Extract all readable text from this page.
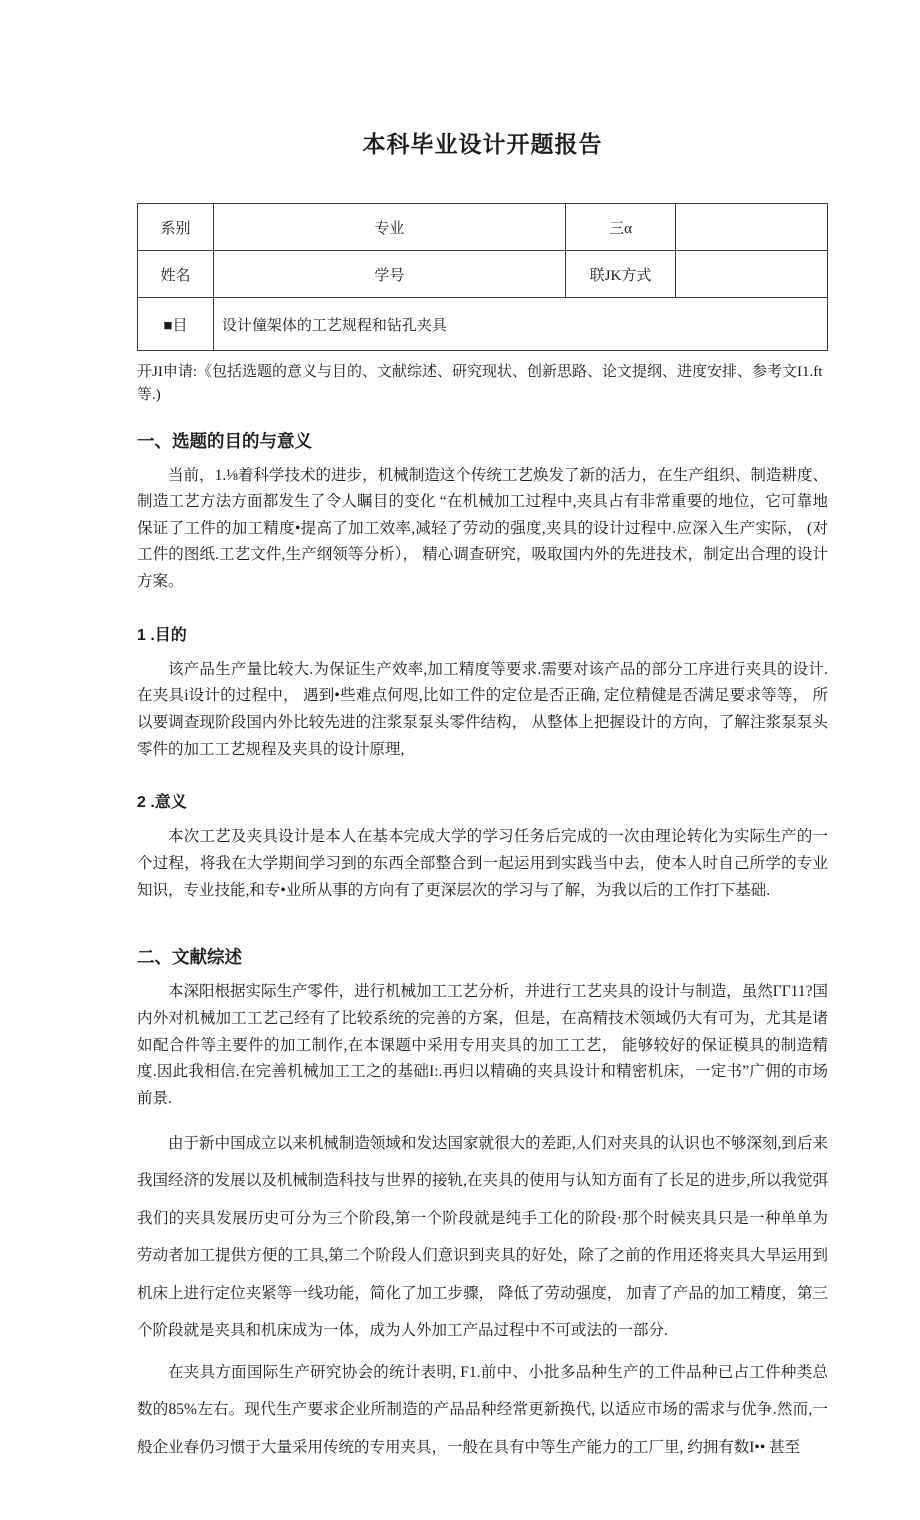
本科毕业设计开题报告
系别	专业	三α	
姓名	学号	联JK方式	
■目	设计僮架体的工艺规程和钻孔夹具		
开JI申请:《包括选题的意义与目的、文献综述、研究现状、创新思路、论文提纲、进度安排、参考文I1.ft等.)
一、选题的目的与意义

当前，1.⅛着科学技术的进步，机械制造这个传统工艺焕发了新的活力，在生产组织、制造耕度、制造工艺方法方面都发生了令人瞩目的变化 “在机械加工过程中,夹具占有非常重要的地位，它可靠地保证了工件的加工精度•提高了加工效率,减轻了劳动的强度,夹具的设计过程中.应深入生产实际， (对工件的图纸.工艺文件,生产纲领等分析）， 精心调查研究，吸取国内外的先进技术，制定出合理的设计方案。

1 .目的

该产品生产量比较大.为保证生产效率,加工精度等要求.需要对该产品的部分工序进行夹具的设计.在夹具i设计的过程中， 遇到•些难点何咫,比如工件的定位是否正确, 定位精健是否满足要求等等， 所以要调查现阶段国内外比较先进的注浆泵泵头零件结构， 从整体上把握设计的方向，了解注浆泵泵头零件的加工工艺规程及夹具的设计原理,

2 .意义

本次工艺及夹具设计是本人在基本完成大学的学习任务后完成的一次由理论转化为实际生产的一个过程，将我在大学期间学习到的东西全部整合到一起运用到实践当中去，使本人时自己所学的专业知识，专业技能,和专•业所从事的方向有了更深层次的学习与了解，为我以后的工作打下基础.

二、文献综述

本深阳根据实际生产零件，进行机械加工工艺分析，并进行工艺夹具的设计与制造，虽然ΓΓ11?国内外对机械加工工艺己经有了比较系统的完善的方案，但是，在高精技术领域仍大有可为，尤其是诸如配合件等主要件的加工制作,在本课题中采用专用夹具的加工工艺， 能够较好的保证模具的制造精度.因此我相信.在完善机械加工工之的基础I:.再归以精确的夹具设计和精密机床，一定书”广佣的市场前景.

由于新中国成立以来机械制造领域和发达国家就很大的差距,人们对夹具的认识也不够深刻,到后来我国经济的发展以及机械制造科技与世界的接轨,在夹具的使用与认知方面有了长足的进步,所以我觉弭我们的夹具发展历史可分为三个阶段,第一个阶段就是纯手工化的阶段·那个时候夹具只是一种单单为劳动者加工提供方便的工具,第二个阶段人们意识到夹具的好处，除了之前的作用还将夹具大旱运用到机床上进行定位夹紧等一线功能，简化了加工步骤， 降低了劳动强度， 加青了产品的加工精度，第三个阶段就是夹具和机床成为一体，成为人外加工产品过程中不可或法的一部分.

在夹具方面国际生产研究协会的统计表明, F1.前中、小批多品种生产的工件品种已占工件种类总数的85%左右。现代生产要求企业所制造的产品品种经常更新换代, 以适应市场的需求与优争.然而,一般企业春仍习惯于大量采用传统的专用夹具，一般在具有中等生产能力的工厂里, 约拥有数I•• 甚至
